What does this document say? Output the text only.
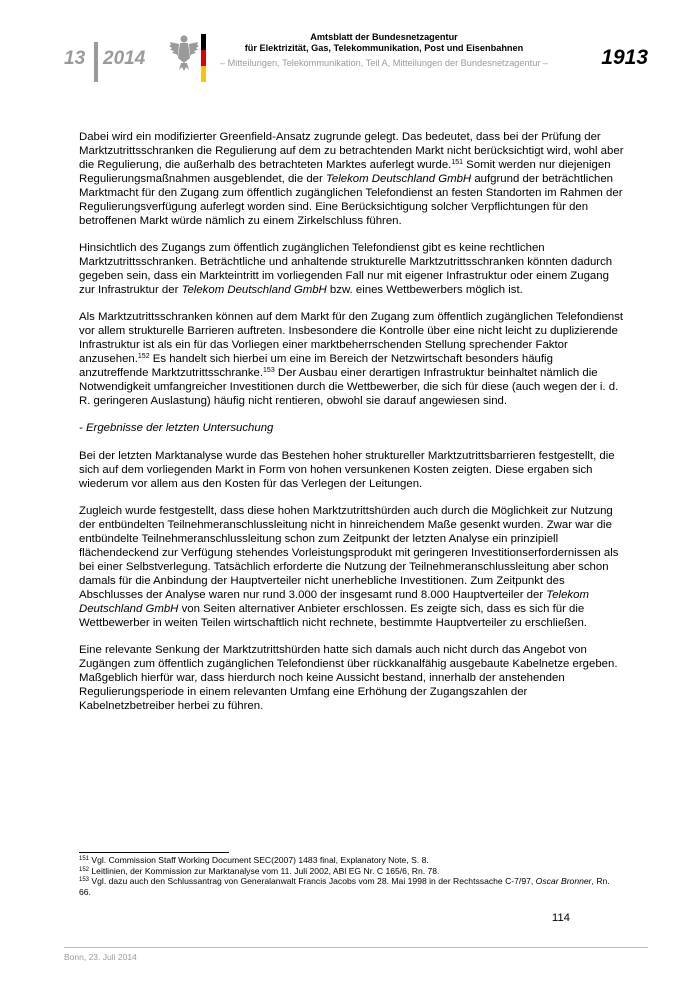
13 2014
Amtsblatt der Bundesnetzagentur
für Elektrizität, Gas, Telekommunikation, Post und Eisenbahnen
– Mitteilungen, Telekommunikation, Teil A, Mitteilungen der Bundesnetzagentur –	1913

Dabei wird ein modifizierter Greenfield-Ansatz zugrunde gelegt. Das bedeutet, dass bei der Prüfung der Marktzutrittsschranken die Regulierung auf dem zu betrachtenden Markt nicht berücksichtigt wird, wohl aber die Regulierung, die außerhalb des betrachteten Marktes auferlegt wurde.$^{151}$ Somit werden nur diejenigen Regulierungsmaßnahmen ausgeblendet, die der Telekom Deutschland GmbH aufgrund der beträchtlichen Marktmacht für den Zugang zum öffentlich zugänglichen Telefondienst an festen Standorten im Rahmen der Regulierungsverfügung auferlegt worden sind. Eine Berücksichtigung solcher Verpflichtungen für den betroffenen Markt würde nämlich zu einem Zirkelschluss führen.

Hinsichtlich des Zugangs zum öffentlich zugänglichen Telefondienst gibt es keine rechtlichen Marktzutrittsschranken. Beträchtliche und anhaltende strukturelle Marktzutrittsschranken könnten dadurch gegeben sein, dass ein Markteintritt im vorliegenden Fall nur mit eigener Infrastruktur oder einem Zugang zur Infrastruktur der Telekom Deutschland GmbH bzw. eines Wettbewerbers möglich ist.

Als Marktzutrittsschranken können auf dem Markt für den Zugang zum öffentlich zugänglichen Telefondienst vor allem strukturelle Barrieren auftreten. Insbesondere die Kontrolle über eine nicht leicht zu duplizierende Infrastruktur ist als ein für das Vorliegen einer marktbeherrschenden Stellung sprechender Faktor anzusehen.$^{152}$ Es handelt sich hierbei um eine im Bereich der Netzwirtschaft besonders häufig anzutreffende Marktzutrittsschranke.$^{153}$ Der Ausbau einer derartigen Infrastruktur beinhaltet nämlich die Notwendigkeit umfangreicher Investitionen durch die Wettbewerber, die sich für diese (auch wegen der i. d. R. geringeren Auslastung) häufig nicht rentieren, obwohl sie darauf angewiesen sind.

- Ergebnisse der letzten Untersuchung

Bei der letzten Marktanalyse wurde das Bestehen hoher struktureller Marktzutrittsbarrieren festgestellt, die sich auf dem vorliegenden Markt in Form von hohen versunkenen Kosten zeigten. Diese ergaben sich wiederum vor allem aus den Kosten für das Verlegen der Leitungen.

Zugleich wurde festgestellt, dass diese hohen Marktzutrittshürden auch durch die Möglichkeit zur Nutzung der entbündelten Teilnehmeranschlussleitung nicht in hinreichendem Maße gesenkt wurden. Zwar war die entbündelte Teilnehmeranschlussleitung schon zum Zeitpunkt der letzten Analyse ein prinzipiell flächendeckend zur Verfügung stehendes Vorleistungsprodukt mit geringeren Investitionserfordernissen als bei einer Selbstverlegung. Tatsächlich erforderte die Nutzung der Teilnehmeranschlussleitung aber schon damals für die Anbindung der Hauptverteiler nicht unerhebliche Investitionen. Zum Zeitpunkt des Abschlusses der Analyse waren nur rund 3.000 der insgesamt rund 8.000 Hauptverteiler der Telekom Deutschland GmbH von Seiten alternativer Anbieter erschlossen. Es zeigte sich, dass es sich für die Wettbewerber in weiten Teilen wirtschaftlich nicht rechnete, bestimmte Hauptverteiler zu erschließen.

Eine relevante Senkung der Marktzutrittshürden hatte sich damals auch nicht durch das Angebot von Zugängen zum öffentlich zugänglichen Telefondienst über rückkanalfähig ausgebaute Kabelnetze ergeben. Maßgeblich hierfür war, dass hierdurch noch keine Aussicht bestand, innerhalb der anstehenden Regulierungsperiode in einem relevanten Umfang eine Erhöhung der Zugangszahlen der Kabelnetzbetreiber herbei zu führen.

$^{151}$ Vgl. Commission Staff Working Document SEC(2007) 1483 final, Explanatory Note, S. 8.
$^{152}$ Leitlinien, der Kommission zur Marktanalyse vom 11. Juli 2002, ABl EG Nr. C 165/6, Rn. 78.
$^{153}$ Vgl. dazu auch den Schlussantrag von Generalanwalt Francis Jacobs vom 28. Mai 1998 in der Rechtssache C-7/97, Oscar Bronner, Rn. 66.
114
Bonn, 23. Juli 2014
